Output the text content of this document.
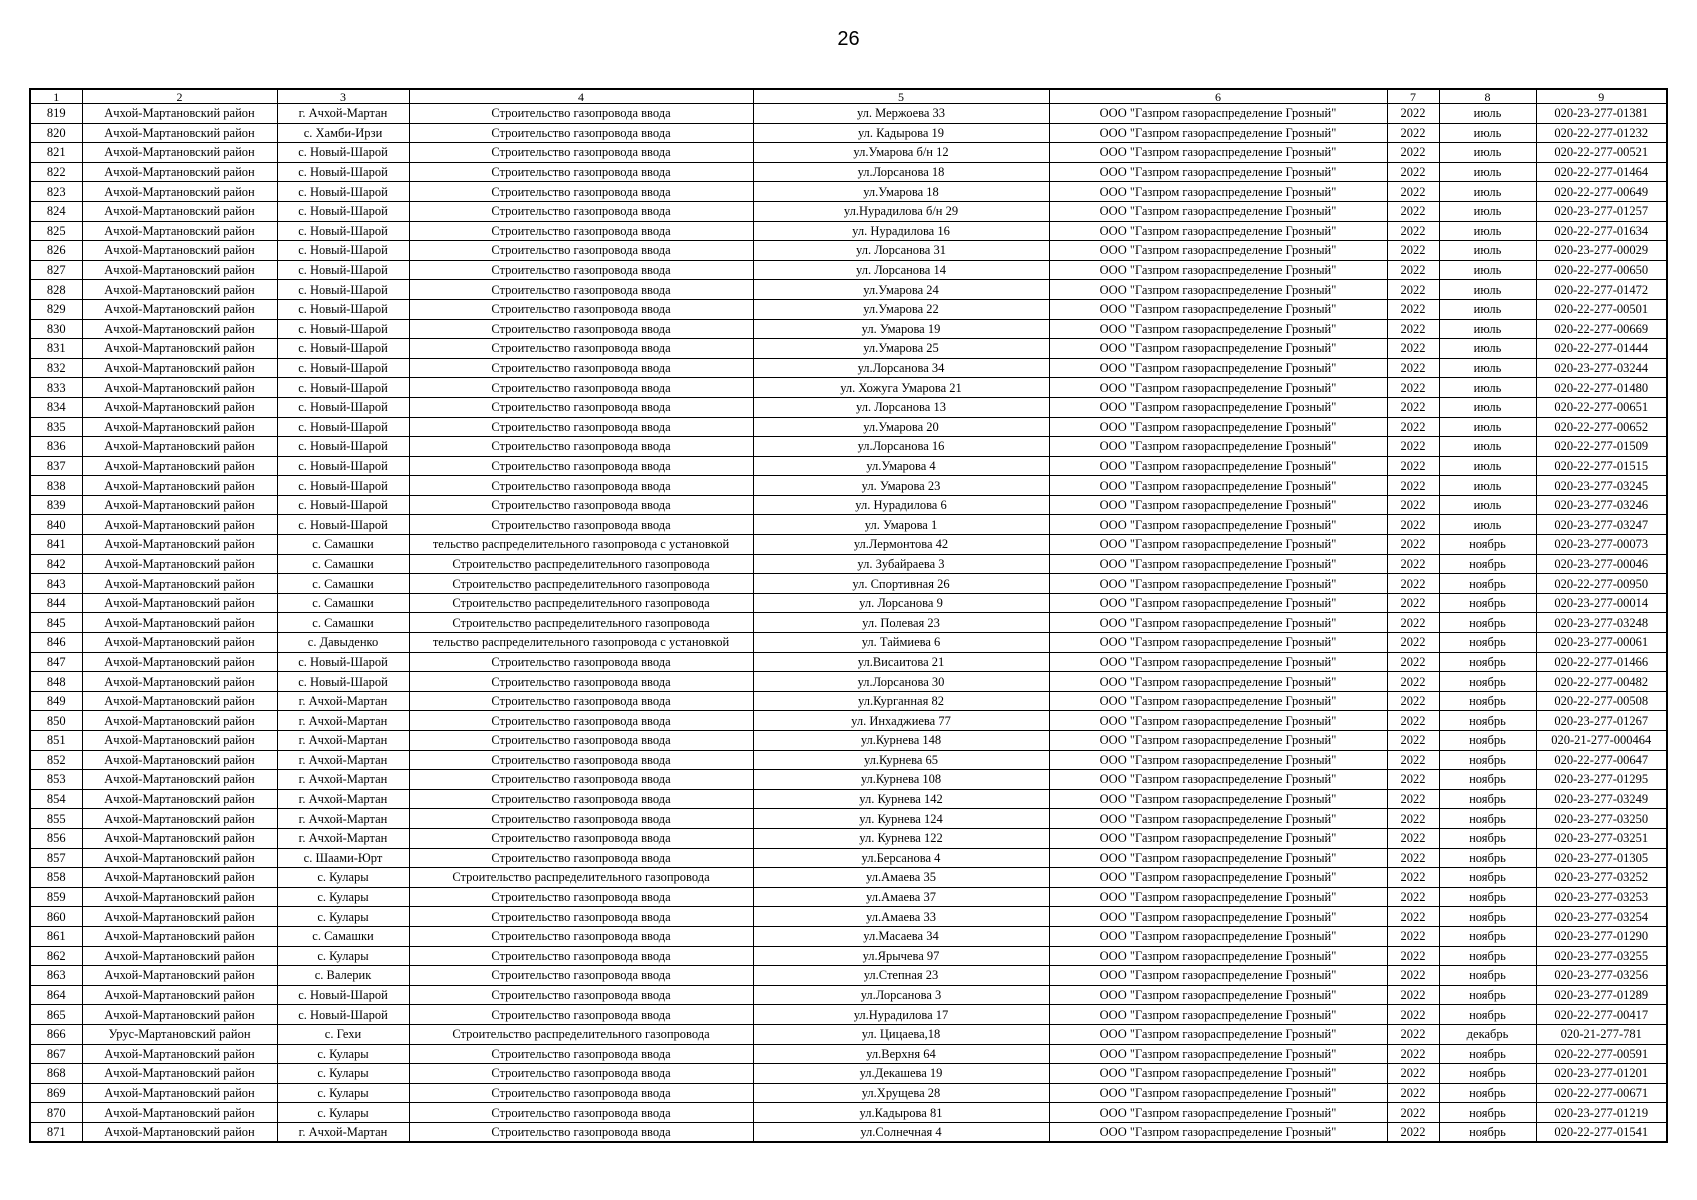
26
1	2	3	4	5	6	7	8	9
819	Ачхой-Мартановский район	г. Ачхой-Мартан	Строительство газопровода ввода	ул. Мержоева 33	ООО "Газпром газораспределение Грозный"	2022	июль	020-23-277-01381
820	Ачхой-Мартановский район	с. Хамби-Ирзи	Строительство газопровода ввода	ул. Кадырова 19	ООО "Газпром газораспределение Грозный"	2022	июль	020-22-277-01232
821	Ачхой-Мартановский район	с. Новый-Шарой	Строительство газопровода ввода	ул.Умарова б/н 12	ООО "Газпром газораспределение Грозный"	2022	июль	020-22-277-00521
822	Ачхой-Мартановский район	с. Новый-Шарой	Строительство газопровода ввода	ул.Лорсанова 18	ООО "Газпром газораспределение Грозный"	2022	июль	020-22-277-01464
823	Ачхой-Мартановский район	с. Новый-Шарой	Строительство газопровода ввода	ул.Умарова 18	ООО "Газпром газораспределение Грозный"	2022	июль	020-22-277-00649
824	Ачхой-Мартановский район	с. Новый-Шарой	Строительство газопровода ввода	ул.Нурадилова б/н 29	ООО "Газпром газораспределение Грозный"	2022	июль	020-23-277-01257
825	Ачхой-Мартановский район	с. Новый-Шарой	Строительство газопровода ввода	ул. Нурадилова 16	ООО "Газпром газораспределение Грозный"	2022	июль	020-22-277-01634
826	Ачхой-Мартановский район	с. Новый-Шарой	Строительство газопровода ввода	ул. Лорсанова 31	ООО "Газпром газораспределение Грозный"	2022	июль	020-23-277-00029
827	Ачхой-Мартановский район	с. Новый-Шарой	Строительство газопровода ввода	ул. Лорсанова 14	ООО "Газпром газораспределение Грозный"	2022	июль	020-22-277-00650
828	Ачхой-Мартановский район	с. Новый-Шарой	Строительство газопровода ввода	ул.Умарова 24	ООО "Газпром газораспределение Грозный"	2022	июль	020-22-277-01472
829	Ачхой-Мартановский район	с. Новый-Шарой	Строительство газопровода ввода	ул.Умарова 22	ООО "Газпром газораспределение Грозный"	2022	июль	020-22-277-00501
830	Ачхой-Мартановский район	с. Новый-Шарой	Строительство газопровода ввода	ул. Умарова 19	ООО "Газпром газораспределение Грозный"	2022	июль	020-22-277-00669
831	Ачхой-Мартановский район	с. Новый-Шарой	Строительство газопровода ввода	ул.Умарова 25	ООО "Газпром газораспределение Грозный"	2022	июль	020-22-277-01444
832	Ачхой-Мартановский район	с. Новый-Шарой	Строительство газопровода ввода	ул.Лорсанова 34	ООО "Газпром газораспределение Грозный"	2022	июль	020-23-277-03244
833	Ачхой-Мартановский район	с. Новый-Шарой	Строительство газопровода ввода	ул. Хожуга Умарова 21	ООО "Газпром газораспределение Грозный"	2022	июль	020-22-277-01480
834	Ачхой-Мартановский район	с. Новый-Шарой	Строительство газопровода ввода	ул. Лорсанова 13	ООО "Газпром газораспределение Грозный"	2022	июль	020-22-277-00651
835	Ачхой-Мартановский район	с. Новый-Шарой	Строительство газопровода ввода	ул.Умарова 20	ООО "Газпром газораспределение Грозный"	2022	июль	020-22-277-00652
836	Ачхой-Мартановский район	с. Новый-Шарой	Строительство газопровода ввода	ул.Лорсанова 16	ООО "Газпром газораспределение Грозный"	2022	июль	020-22-277-01509
837	Ачхой-Мартановский район	с. Новый-Шарой	Строительство газопровода ввода	ул.Умарова 4	ООО "Газпром газораспределение Грозный"	2022	июль	020-22-277-01515
838	Ачхой-Мартановский район	с. Новый-Шарой	Строительство газопровода ввода	ул. Умарова 23	ООО "Газпром газораспределение Грозный"	2022	июль	020-23-277-03245
839	Ачхой-Мартановский район	с. Новый-Шарой	Строительство газопровода ввода	ул. Нурадилова 6	ООО "Газпром газораспределение Грозный"	2022	июль	020-23-277-03246
840	Ачхой-Мартановский район	с. Новый-Шарой	Строительство газопровода ввода	ул. Умарова 1	ООО "Газпром газораспределение Грозный"	2022	июль	020-23-277-03247
841	Ачхой-Мартановский район	с. Самашки	тельство распределительного газопровода с установкой	ул.Лермонтова 42	ООО "Газпром газораспределение Грозный"	2022	ноябрь	020-23-277-00073
842	Ачхой-Мартановский район	с. Самашки	Строительство распределительного газопровода	ул. Зубайраева 3	ООО "Газпром газораспределение Грозный"	2022	ноябрь	020-23-277-00046
843	Ачхой-Мартановский район	с. Самашки	Строительство распределительного газопровода	ул. Спортивная 26	ООО "Газпром газораспределение Грозный"	2022	ноябрь	020-22-277-00950
844	Ачхой-Мартановский район	с. Самашки	Строительство распределительного газопровода	ул. Лорсанова 9	ООО "Газпром газораспределение Грозный"	2022	ноябрь	020-23-277-00014
845	Ачхой-Мартановский район	с. Самашки	Строительство распределительного газопровода	ул. Полевая 23	ООО "Газпром газораспределение Грозный"	2022	ноябрь	020-23-277-03248
846	Ачхой-Мартановский район	с. Давыденко	тельство распределительного газопровода с установкой	ул. Таймиева 6	ООО "Газпром газораспределение Грозный"	2022	ноябрь	020-23-277-00061
847	Ачхой-Мартановский район	с. Новый-Шарой	Строительство газопровода ввода	ул.Висаитова 21	ООО "Газпром газораспределение Грозный"	2022	ноябрь	020-22-277-01466
848	Ачхой-Мартановский район	с. Новый-Шарой	Строительство газопровода ввода	ул.Лорсанова 30	ООО "Газпром газораспределение Грозный"	2022	ноябрь	020-22-277-00482
849	Ачхой-Мартановский район	г. Ачхой-Мартан	Строительство газопровода ввода	ул.Курганная 82	ООО "Газпром газораспределение Грозный"	2022	ноябрь	020-22-277-00508
850	Ачхой-Мартановский район	г. Ачхой-Мартан	Строительство газопровода ввода	ул. Инхаджиева 77	ООО "Газпром газораспределение Грозный"	2022	ноябрь	020-23-277-01267
851	Ачхой-Мартановский район	г. Ачхой-Мартан	Строительство газопровода ввода	ул.Курнева 148	ООО "Газпром газораспределение Грозный"	2022	ноябрь	020-21-277-000464
852	Ачхой-Мартановский район	г. Ачхой-Мартан	Строительство газопровода ввода	ул.Курнева 65	ООО "Газпром газораспределение Грозный"	2022	ноябрь	020-22-277-00647
853	Ачхой-Мартановский район	г. Ачхой-Мартан	Строительство газопровода ввода	ул.Курнева 108	ООО "Газпром газораспределение Грозный"	2022	ноябрь	020-23-277-01295
854	Ачхой-Мартановский район	г. Ачхой-Мартан	Строительство газопровода ввода	ул. Курнева 142	ООО "Газпром газораспределение Грозный"	2022	ноябрь	020-23-277-03249
855	Ачхой-Мартановский район	г. Ачхой-Мартан	Строительство газопровода ввода	ул. Курнева 124	ООО "Газпром газораспределение Грозный"	2022	ноябрь	020-23-277-03250
856	Ачхой-Мартановский район	г. Ачхой-Мартан	Строительство газопровода ввода	ул. Курнева 122	ООО "Газпром газораспределение Грозный"	2022	ноябрь	020-23-277-03251
857	Ачхой-Мартановский район	с. Шаами-Юрт	Строительство газопровода ввода	ул.Берсанова 4	ООО "Газпром газораспределение Грозный"	2022	ноябрь	020-23-277-01305
858	Ачхой-Мартановский район	с. Кулары	Строительство распределительного газопровода	ул.Амаева 35	ООО "Газпром газораспределение Грозный"	2022	ноябрь	020-23-277-03252
859	Ачхой-Мартановский район	с. Кулары	Строительство газопровода ввода	ул.Амаева 37	ООО "Газпром газораспределение Грозный"	2022	ноябрь	020-23-277-03253
860	Ачхой-Мартановский район	с. Кулары	Строительство газопровода ввода	ул.Амаева 33	ООО "Газпром газораспределение Грозный"	2022	ноябрь	020-23-277-03254
861	Ачхой-Мартановский район	с. Самашки	Строительство газопровода ввода	ул.Масаева 34	ООО "Газпром газораспределение Грозный"	2022	ноябрь	020-23-277-01290
862	Ачхой-Мартановский район	с. Кулары	Строительство газопровода ввода	ул.Ярычева 97	ООО "Газпром газораспределение Грозный"	2022	ноябрь	020-23-277-03255
863	Ачхой-Мартановский район	с. Валерик	Строительство газопровода ввода	ул.Степная 23	ООО "Газпром газораспределение Грозный"	2022	ноябрь	020-23-277-03256
864	Ачхой-Мартановский район	с. Новый-Шарой	Строительство газопровода ввода	ул.Лорсанова 3	ООО "Газпром газораспределение Грозный"	2022	ноябрь	020-23-277-01289
865	Ачхой-Мартановский район	с. Новый-Шарой	Строительство газопровода ввода	ул.Нурадилова 17	ООО "Газпром газораспределение Грозный"	2022	ноябрь	020-22-277-00417
866	Урус-Мартановский район	с. Гехи	Строительство распределительного газопровода	ул. Цицаева,18	ООО "Газпром газораспределение Грозный"	2022	декабрь	020-21-277-781
867	Ачхой-Мартановский район	с. Кулары	Строительство газопровода ввода	ул.Верхня 64	ООО "Газпром газораспределение Грозный"	2022	ноябрь	020-22-277-00591
868	Ачхой-Мартановский район	с. Кулары	Строительство газопровода ввода	ул.Декашева 19	ООО "Газпром газораспределение Грозный"	2022	ноябрь	020-23-277-01201
869	Ачхой-Мартановский район	с. Кулары	Строительство газопровода ввода	ул.Хрущева 28	ООО "Газпром газораспределение Грозный"	2022	ноябрь	020-22-277-00671
870	Ачхой-Мартановский район	с. Кулары	Строительство газопровода ввода	ул.Кадырова 81	ООО "Газпром газораспределение Грозный"	2022	ноябрь	020-23-277-01219
871	Ачхой-Мартановский район	г. Ачхой-Мартан	Строительство газопровода ввода	ул.Солнечная 4	ООО "Газпром газораспределение Грозный"	2022	ноябрь	020-22-277-01541
